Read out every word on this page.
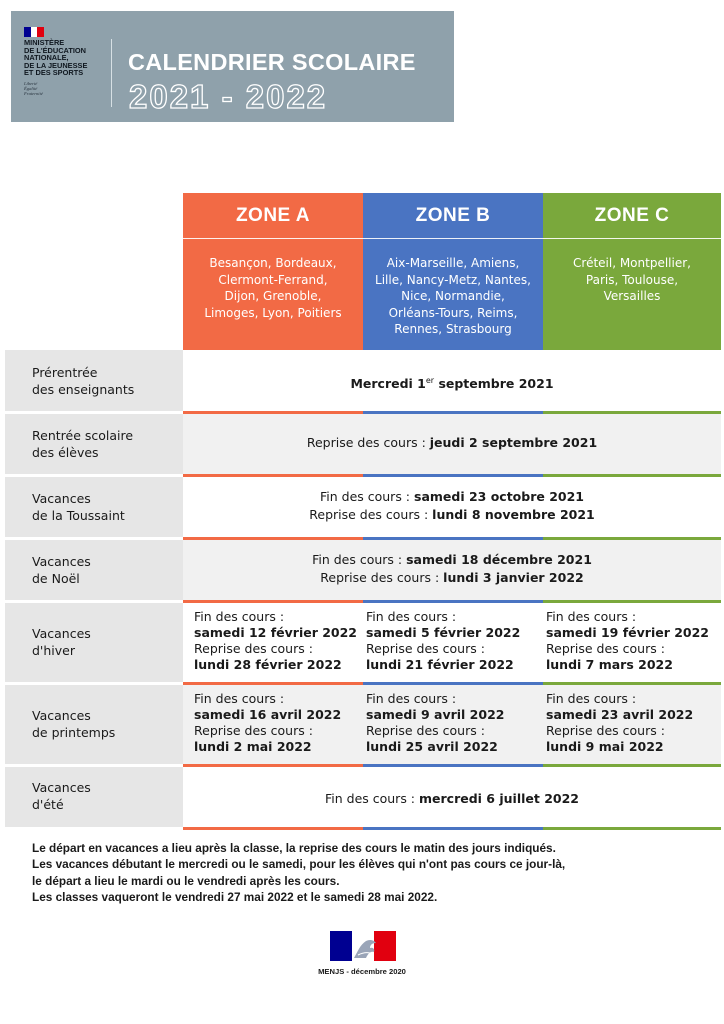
MINISTÈRE
DE L'ÉDUCATION
NATIONALE,
DE LA JEUNESSE
ET DES SPORTS
Liberté
Égalité
Fraternité
CALENDRIER SCOLAIRE
2021 - 2022
ZONE A
Besançon, Bordeaux,
Clermont-Ferrand,
Dijon, Grenoble,
Limoges, Lyon, Poitiers
ZONE B
Aix-Marseille, Amiens,
Lille, Nancy-Metz, Nantes,
Nice, Normandie,
Orléans-Tours, Reims,
Rennes, Strasbourg
ZONE C
Créteil, Montpellier,
Paris, Toulouse,
Versailles
Prérentrée
des enseignants	Mercredi 1er septembre 2021
Rentrée scolaire
des élèves
Reprise des cours : jeudi 2 septembre 2021
Vacances
de la Toussaint
Fin des cours : samedi 23 octobre 2021
Reprise des cours : lundi 8 novembre 2021
Vacances
de Noël
Fin des cours : samedi 18 décembre 2021
Reprise des cours : lundi 3 janvier 2022
Vacances
d'hiver
Fin des cours :
samedi 12 février 2022
Reprise des cours :
lundi 28 février 2022
Fin des cours :
samedi 5 février 2022
Reprise des cours :
lundi 21 février 2022
Fin des cours :
samedi 19 février 2022
Reprise des cours :
lundi 7 mars 2022
Vacances
de printemps
Fin des cours :
samedi 16 avril 2022
Reprise des cours :
lundi 2 mai 2022
Fin des cours :
samedi 9 avril 2022
Reprise des cours :
lundi 25 avril 2022
Fin des cours :
samedi 23 avril 2022
Reprise des cours :
lundi 9 mai 2022
Vacances
d'été	Fin des cours : mercredi 6 juillet 2022
Le départ en vacances a lieu après la classe, la reprise des cours le matin des jours indiqués.
Les vacances débutant le mercredi ou le samedi, pour les élèves qui n'ont pas cours ce jour-là,
le départ a lieu le mardi ou le vendredi après les cours.
Les classes vaqueront le vendredi 27 mai 2022 et le samedi 28 mai 2022.
MENJS - décembre 2020
